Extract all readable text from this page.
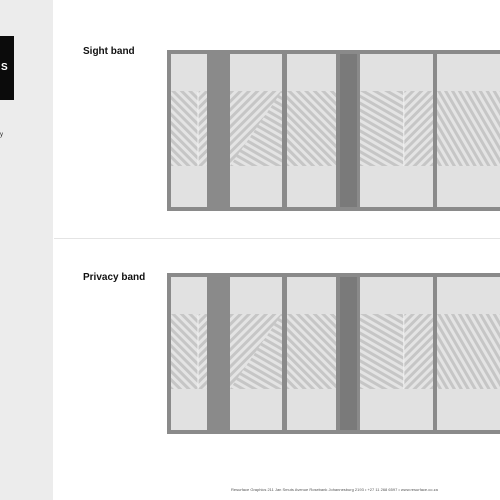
S
y
Sight band
Privacy band
Resurface Graphics 211 Jan Smuts Avenue Rosebank Johannesburg 2193 • +27 11 268 6597 • www.resurface.co.za
